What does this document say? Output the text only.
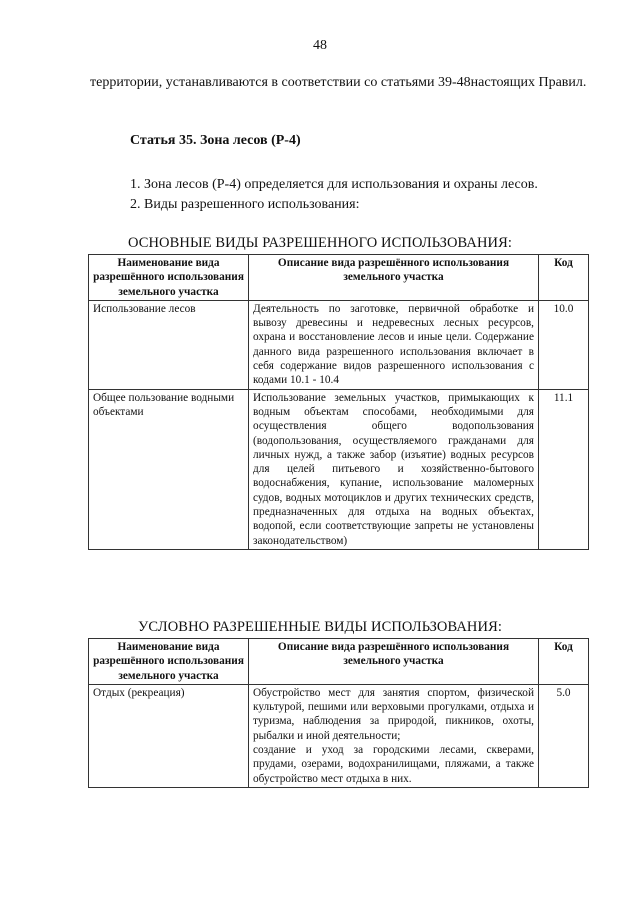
48
территории, устанавливаются в соответствии со статьями 39-48настоящих Правил.
Статья 35. Зона лесов (Р-4)
1. Зона лесов (Р-4) определяется для использования и охраны лесов.
2. Виды разрешенного использования:
ОСНОВНЫЕ ВИДЫ РАЗРЕШЕННОГО ИСПОЛЬЗОВАНИЯ:
Наименование вида разрешённого использования земельного участка	Описание вида разрешённого использования земельного участка	Код
Использование лесов	Деятельность по заготовке, первичной обработке и вывозу древесины и недревесных лесных ресурсов, охрана и восстановление лесов и иные цели. Содержание данного вида разрешенного использования включает в себя содержание видов разрешенного использования с кодами 10.1 - 10.4	10.0
Общее пользование водными объектами	Использование земельных участков, примыкающих к водным объектам способами, необходимыми для осуществления общего водопользования (водопользования, осуществляемого гражданами для личных нужд, а также забор (изъятие) водных ресурсов для целей питьевого и хозяйственно-бытового водоснабжения, купание, использование маломерных судов, водных мотоциклов и других технических средств, предназначенных для отдыха на водных объектах, водопой, если соответствующие запреты не установлены законодательством)	11.1
УСЛОВНО РАЗРЕШЕННЫЕ ВИДЫ ИСПОЛЬЗОВАНИЯ:
Наименование вида разрешённого использования земельного участка	Описание вида разрешённого использования земельного участка	Код
Отдых (рекреация)	Обустройство мест для занятия спортом, физической культурой, пешими или верховыми прогулками, отдыха и туризма, наблюдения за природой, пикников, охоты, рыбалки и иной деятельности;
создание и уход за городскими лесами, скверами, прудами, озерами, водохранилищами, пляжами, а также обустройство мест отдыха в них.	5.0
